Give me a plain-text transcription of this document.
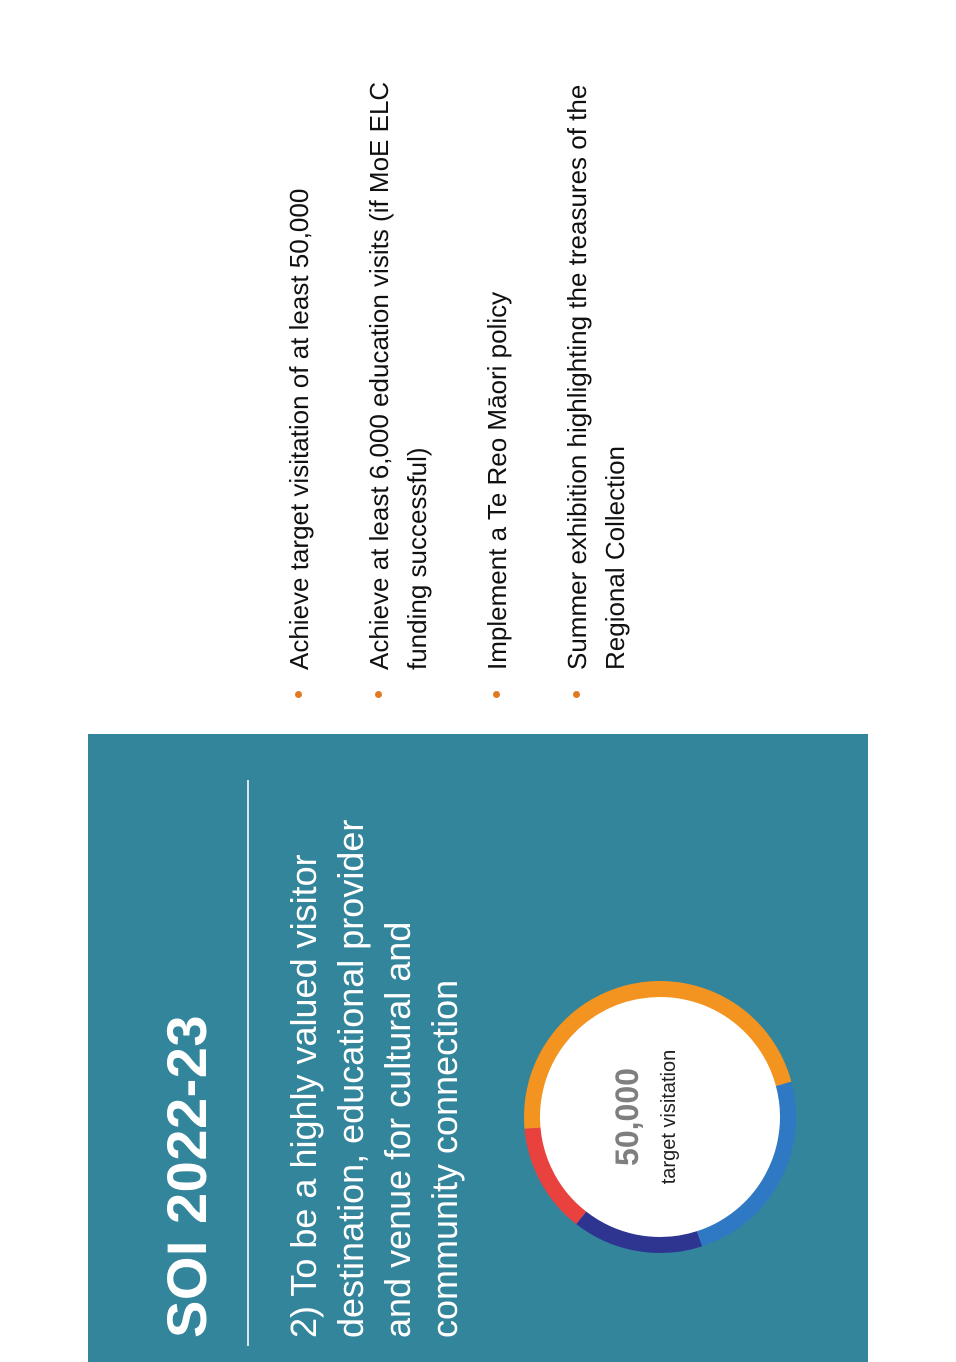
SOI 2022-23 2) To be a highly valued visitor destination, educational provider and venue for cultural and community connection	50,000 target visitation
Achieve target visitation of at least 50,000 Achieve at least 6,000 education visits (if MoE ELC funding successful) Implement a Te Reo Māori policy Summer exhibition highlighting the treasures of the Regional Collection
